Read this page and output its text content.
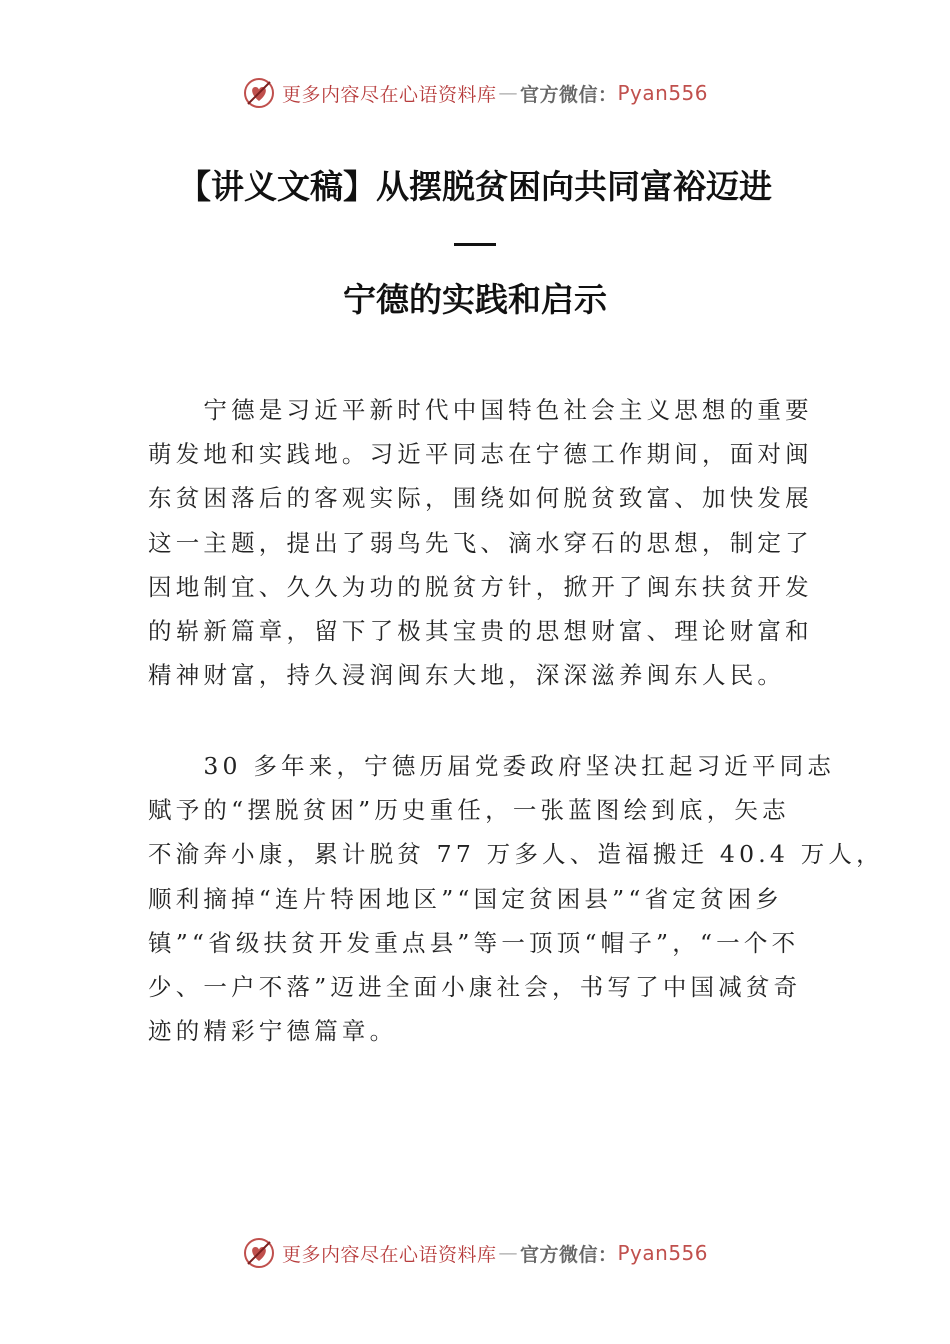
更多内容尽在心语资料库 — 官方微信： Pyan556
【讲义文稿】从摆脱贫困向共同富裕迈进
宁德的实践和启示
　　宁德是习近平新时代中国特色社会主义思想的重要
萌发地和实践地。习近平同志在宁德工作期间，面对闽
东贫困落后的客观实际，围绕如何脱贫致富、加快发展
这一主题，提出了弱鸟先飞、滴水穿石的思想，制定了
因地制宜、久久为功的脱贫方针，掀开了闽东扶贫开发
的崭新篇章，留下了极其宝贵的思想财富、理论财富和
精神财富，持久浸润闽东大地，深深滋养闽东人民。
　　30 多年来，宁德历届党委政府坚决扛起习近平同志
赋予的“摆脱贫困”历史重任，一张蓝图绘到底，矢志
不渝奔小康，累计脱贫 77 万多人、造福搬迁 40.4 万人，
顺利摘掉“连片特困地区”“国定贫困县”“省定贫困乡
镇”“省级扶贫开发重点县”等一顶顶“帽子”，“一个不
少、一户不落”迈进全面小康社会，书写了中国减贫奇
迹的精彩宁德篇章。
更多内容尽在心语资料库 — 官方微信： Pyan556
